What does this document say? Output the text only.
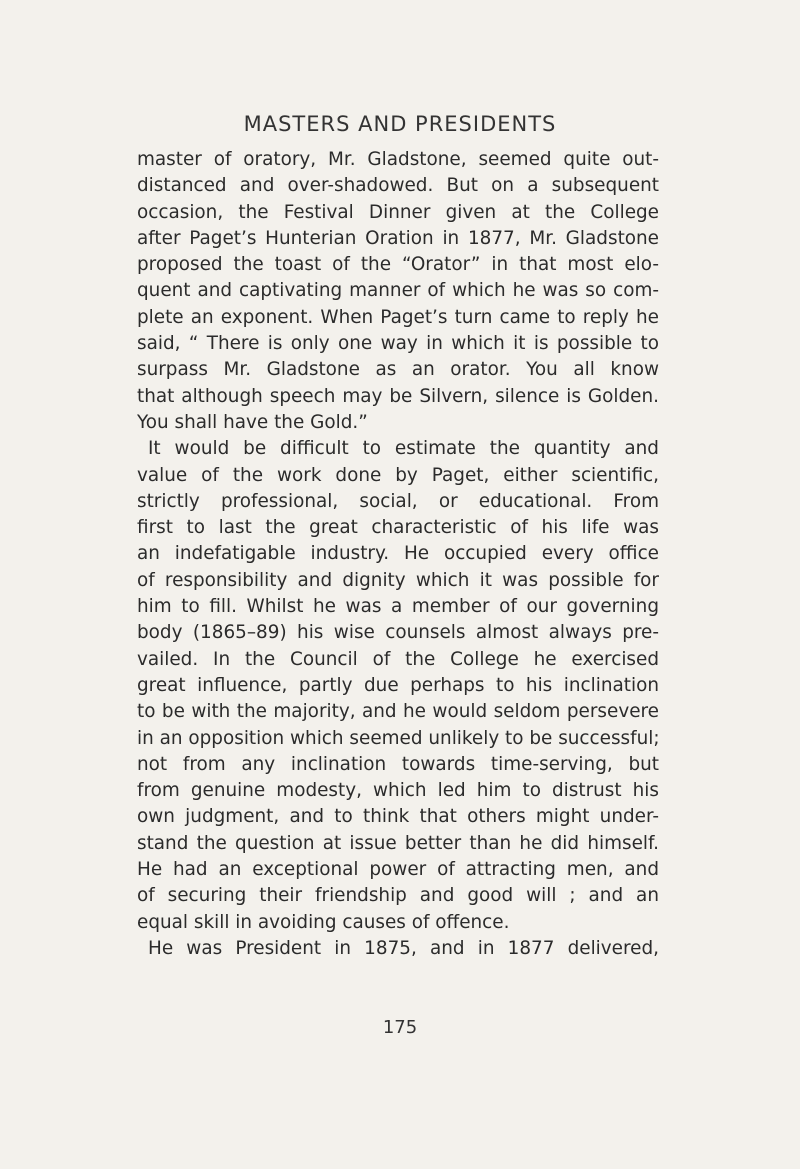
MASTERS AND PRESIDENTS
master of oratory, Mr. Gladstone, seemed quite out-
distanced and over-shadowed. But on a subsequent
occasion, the Festival Dinner given at the College
after Paget’s Hunterian Oration in 1877, Mr. Gladstone
proposed the toast of the “Orator” in that most elo-
quent and captivating manner of which he was so com-
plete an exponent. When Paget’s turn came to reply he
said, “ There is only one way in which it is possible to
surpass Mr. Gladstone as an orator. You all know
that although speech may be Silvern, silence is Golden.
You shall have the Gold.”
It would be difficult to estimate the quantity and
value of the work done by Paget, either scientific,
strictly professional, social, or educational. From
first to last the great characteristic of his life was
an indefatigable industry. He occupied every office
of responsibility and dignity which it was possible for
him to fill. Whilst he was a member of our governing
body (1865–89) his wise counsels almost always pre-
vailed. In the Council of the College he exercised
great influence, partly due perhaps to his inclination
to be with the majority, and he would seldom persevere
in an opposition which seemed unlikely to be successful;
not from any inclination towards time-serving, but
from genuine modesty, which led him to distrust his
own judgment, and to think that others might under-
stand the question at issue better than he did himself.
He had an exceptional power of attracting men, and
of securing their friendship and good will ; and an
equal skill in avoiding causes of offence.
He was President in 1875, and in 1877 delivered,
175
